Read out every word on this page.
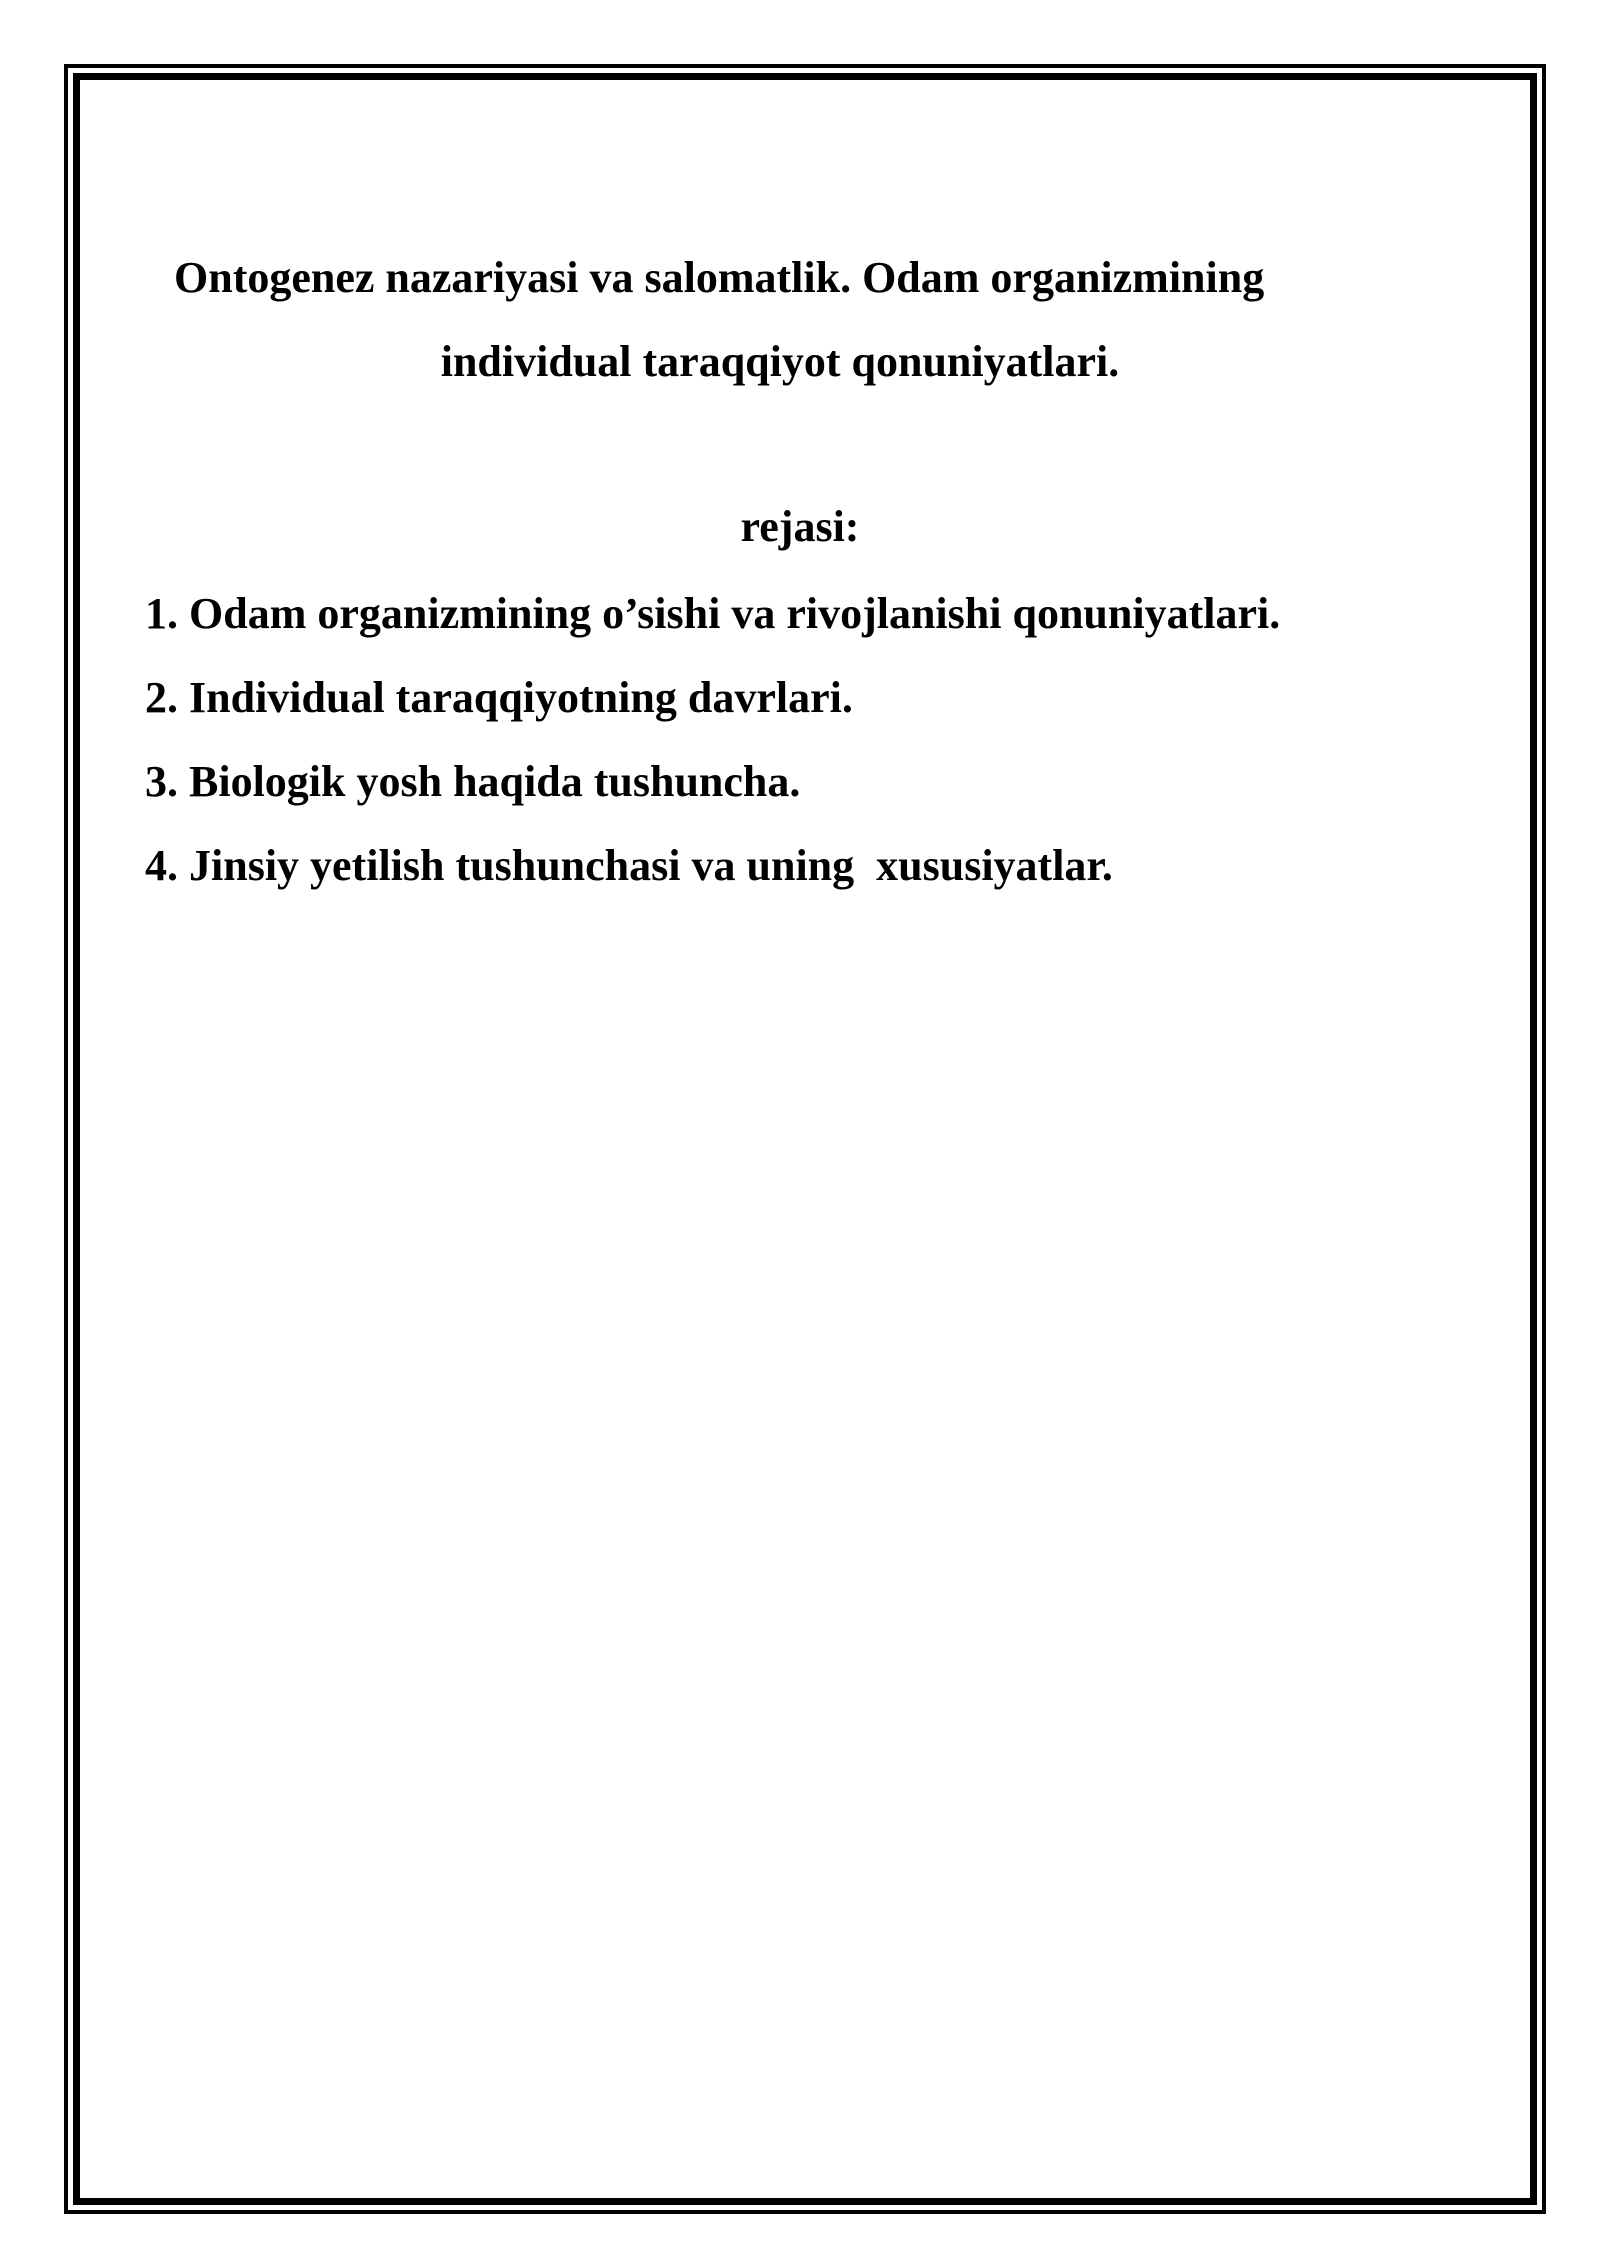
Ontogenez nazariyasi va salomatlik. Odam organizmining
individual taraqqiyot qonuniyatlari.

rejasi:

1. Odam organizmining o’sishi va rivojlanishi qonuniyatlari.
2. Individual taraqqiyotning davrlari.
3. Biologik yosh haqida tushuncha.
4. Jinsiy yetilish tushunchasi va uning  xususiyatlar.
